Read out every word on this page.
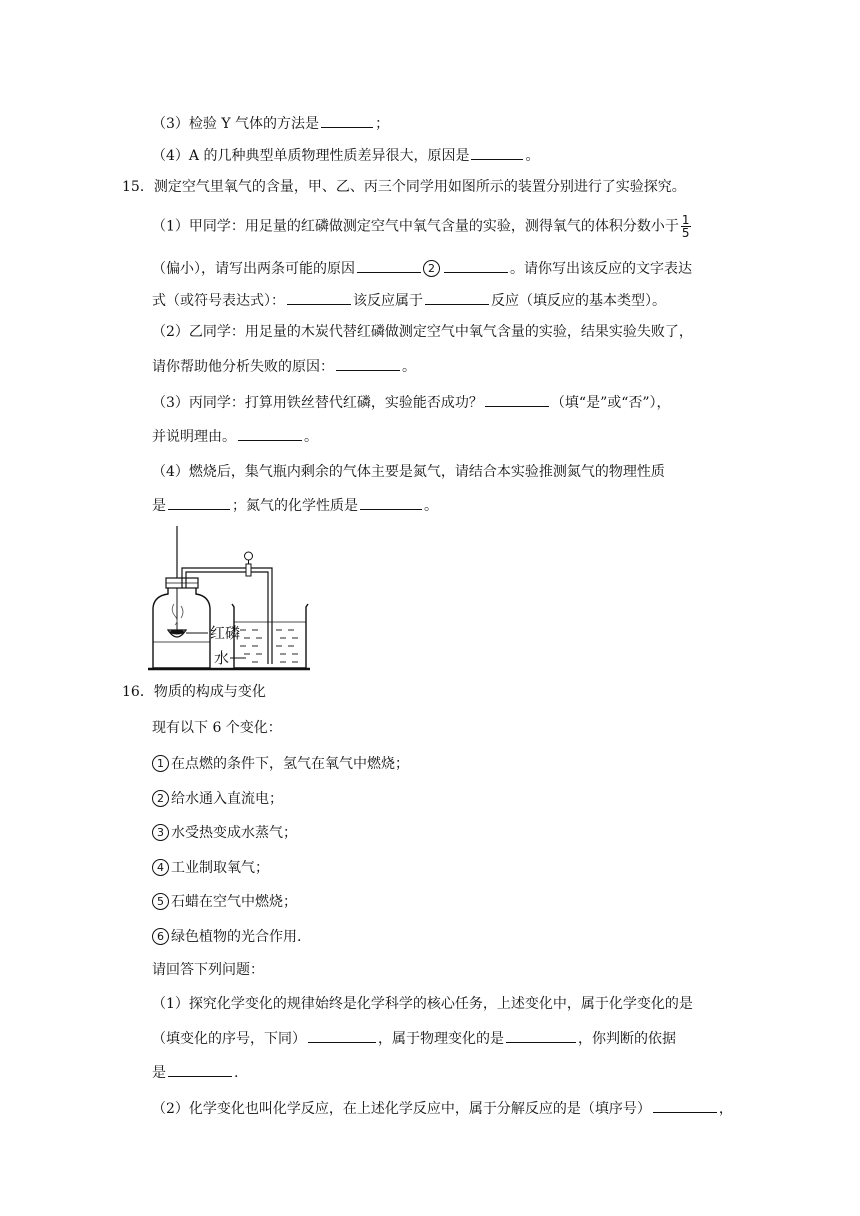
（3）检验 Y 气体的方法是	；
（4）A 的几种典型单质物理性质差异很大，原因是	。
15．测定空气里氧气的含量，甲、乙、丙三个同学用如图所示的装置分别进行了实验探究。
（1）甲同学：用足量的红磷做测定空气中氧气含量的实验，测得氧气的体积分数小于 $\frac{1}{5}$
（偏小），请写出两条可能的原因	2	。请你写出该反应的文字表达
式（或符号表达式）：	该反应属于	反应（填反应的基本类型）。
（2）乙同学：用足量的木炭代替红磷做测定空气中氧气含量的实验，结果实验失败了，
请你帮助他分析失败的原因：	。
（3）丙同学：打算用铁丝替代红磷，实验能否成功？	（填“是”或“否”），
并说明理由。	。
（4）燃烧后，集气瓶内剩余的气体主要是氮气，请结合本实验推测氮气的物理性质
是	；氮气的化学性质是	。
红磷
水
16．物质的构成与变化
现有以下 6 个变化：
1 在点燃的条件下，氢气在氧气中燃烧；
2 给水通入直流电；
3 水受热变成水蒸气；
4 工业制取氧气；
5 石蜡在空气中燃烧；
6 绿色植物的光合作用.
请回答下列问题：
（1）探究化学变化的规律始终是化学科学的核心任务，上述变化中，属于化学变化的是
（填变化的序号，下同）	，属于物理变化的是	，你判断的依据
是	.
（2）化学变化也叫化学反应，在上述化学反应中，属于分解反应的是（填序号）	，
